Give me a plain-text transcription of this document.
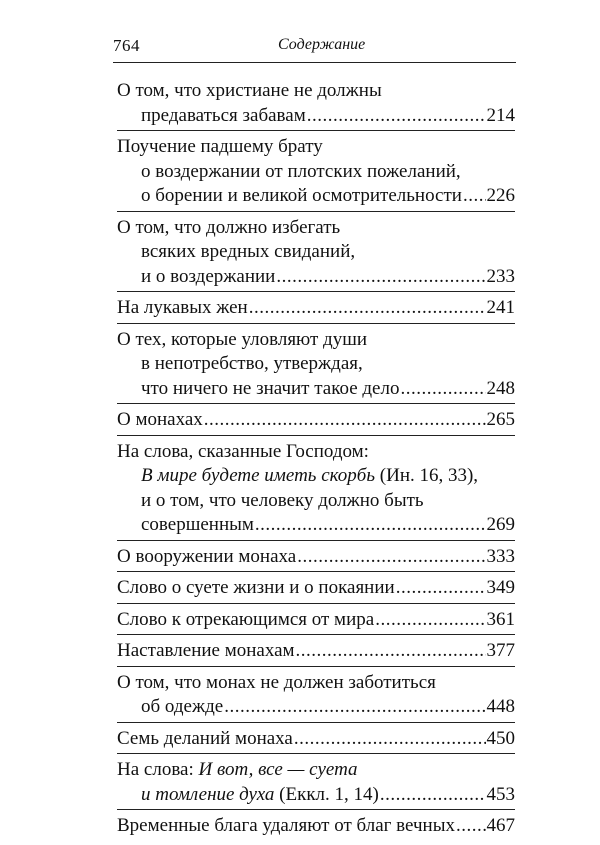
764	Содержание
О том, что христиане не должны
предаваться забавам .....	214
Поучение падшему брату
о воздержании от плотских пожеланий,
о борении и великой осмотрительности ..... 226
О том, что должно избегать
всяких вредных свиданий,
и о воздержании .....	233
На лукавых жен .....	241
О тех, которые уловляют души
в непотребство, утверждая,
что ничего не значит такое дело .....	248
О монахах .....	265
На слова, сказанные Господом:
В мире будете иметь скорбь (Ин. 16, 33),
и о том, что человеку должно быть
совершенным .....	269
О вооружении монаха .....	333
Слово о суете жизни и о покаянии .....	349
Слово к отрекающимся от мира .....	361
Наставление монахам .....	377
О том, что монах не должен заботиться
об одежде .....	448
Семь деланий монаха .....	450
На слова: И вот, все — суета
и томление духа (Еккл. 1, 14) .....	453
Временные блага удаляют от благ вечных ..... 467
